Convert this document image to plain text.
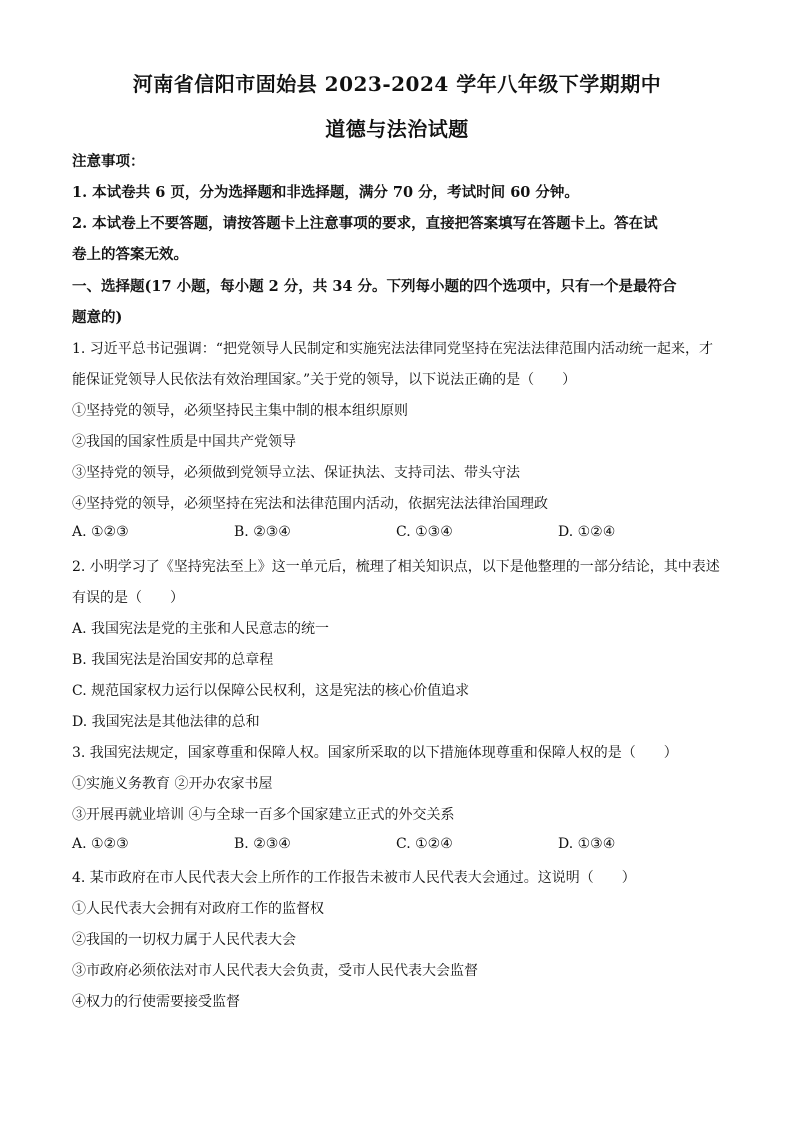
河南省信阳市固始县 2023-2024 学年八年级下学期期中
道德与法治试题
注意事项：
1. 本试卷共 6 页，分为选择题和非选择题，满分 70 分，考试时间 60 分钟。
2. 本试卷上不要答题，请按答题卡上注意事项的要求，直接把答案填写在答题卡上。答在试
卷上的答案无效。
一、选择题(17 小题，每小题 2 分，共 34 分。下列每小题的四个选项中，只有一个是最符合
题意的)
1. 习近平总书记强调：“把党领导人民制定和实施宪法法律同党坚持在宪法法律范围内活动统一起来，才
能保证党领导人民依法有效治理国家。”关于党的领导，以下说法正确的是（　　）
①坚持党的领导，必须坚持民主集中制的根本组织原则
②我国的国家性质是中国共产党领导
③坚持党的领导，必须做到党领导立法、保证执法、支持司法、带头守法
④坚持党的领导，必须坚持在宪法和法律范围内活动，依据宪法法律治国理政
A. ①②③	B. ②③④	C. ①③④	D. ①②④
2. 小明学习了《坚持宪法至上》这一单元后，梳理了相关知识点，以下是他整理的一部分结论，其中表述
有误的是（　　）
A. 我国宪法是党的主张和人民意志的统一
B. 我国宪法是治国安邦的总章程
C. 规范国家权力运行以保障公民权利，这是宪法的核心价值追求
D. 我国宪法是其他法律的总和
3. 我国宪法规定，国家尊重和保障人权。国家所采取的以下措施体现尊重和保障人权的是（　　）
①实施义务教育 ②开办农家书屋
③开展再就业培训 ④与全球一百多个国家建立正式的外交关系
A. ①②③	B. ②③④	C. ①②④	D. ①③④
4. 某市政府在市人民代表大会上所作的工作报告未被市人民代表大会通过。这说明（　　）
①人民代表大会拥有对政府工作的监督权
②我国的一切权力属于人民代表大会
③市政府必须依法对市人民代表大会负责，受市人民代表大会监督
④权力的行使需要接受监督
